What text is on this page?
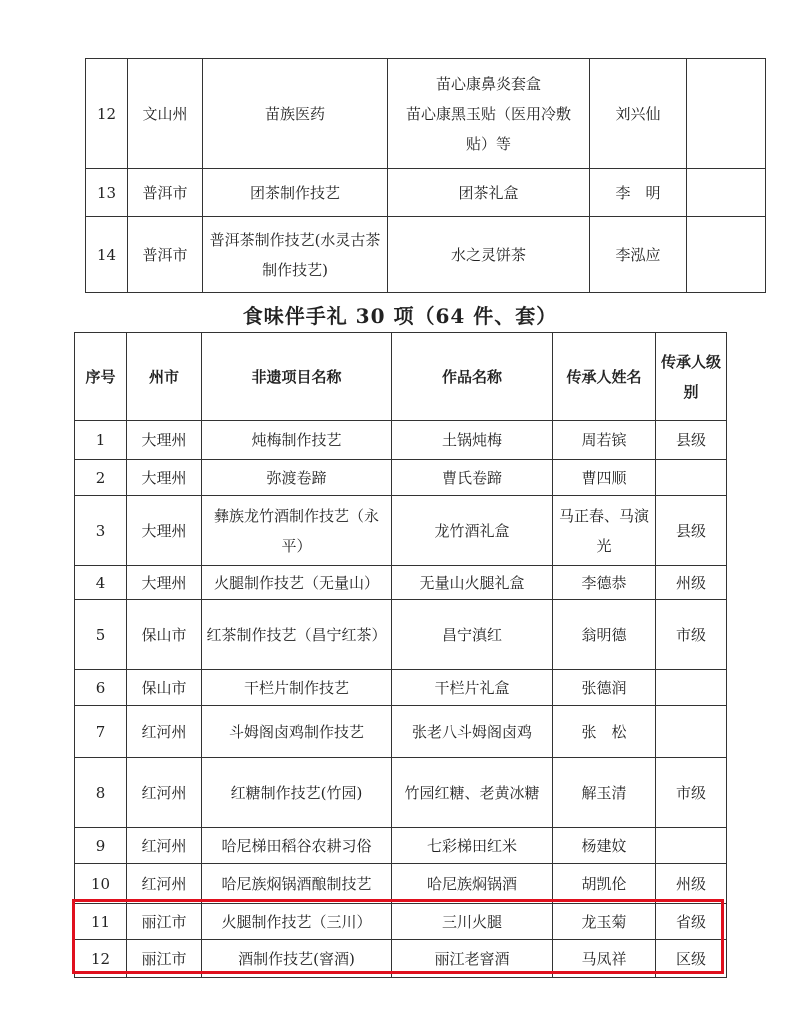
12	文山州	苗族医药	苗心康鼻炎套盒
苗心康黑玉贴（医用冷敷
贴）等	刘兴仙	
13	普洱市	团茶制作技艺	团茶礼盒	李　明	
14	普洱市	普洱茶制作技艺(水灵古茶制作技艺)	水之灵饼茶	李泓应	
食味伴手礼 30 项（64 件、套）
序号	州市	非遗项目名称	作品名称	传承人姓名	传承人级别
1	大理州	炖梅制作技艺	土锅炖梅	周若镔	县级
2	大理州	弥渡卷蹄	曹氏卷蹄	曹四顺	
3	大理州	彝族龙竹酒制作技艺（永平）	龙竹酒礼盒	马正春、马演光	县级
4	大理州	火腿制作技艺（无量山）	无量山火腿礼盒	李德恭	州级
5	保山市	红茶制作技艺（昌宁红茶）	昌宁滇红	翁明德	市级
6	保山市	干栏片制作技艺	干栏片礼盒	张德润	
7	红河州	斗姆阁卤鸡制作技艺	张老八斗姆阁卤鸡	张　松	
8	红河州	红糖制作技艺(竹园)	竹园红糖、老黄冰糖	解玉清	市级
9	红河州	哈尼梯田稻谷农耕习俗	七彩梯田红米	杨建妏	
10	红河州	哈尼族焖锅酒酿制技艺	哈尼族焖锅酒	胡凯伦	州级
11	丽江市	火腿制作技艺（三川）	三川火腿	龙玉菊	省级
12	丽江市	酒制作技艺(窨酒)	丽江老窨酒	马凤祥	区级
